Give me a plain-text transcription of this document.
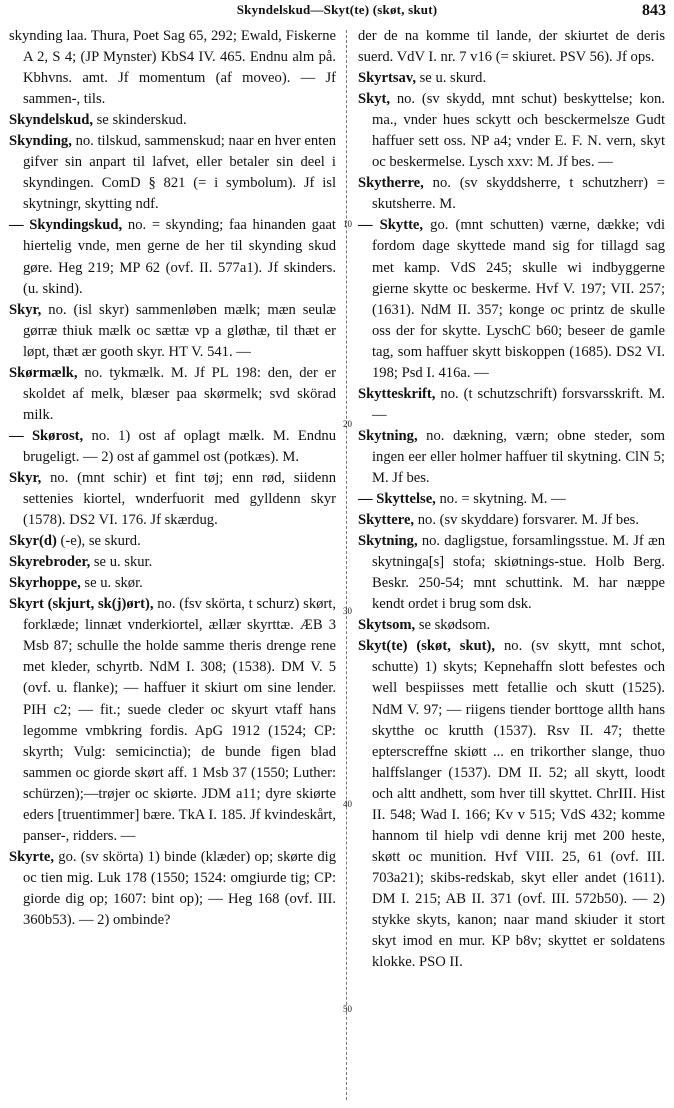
Skyndelskud—Skyt(te) (skøt, skut)	843

skynding laa. Thura, Poet Sag 65, 292; Ewald, Fiskerne A 2, S 4; (JP Mynster) KbS4 IV. 465. Endnu alm på. Kbhvns. amt. Jf momentum (af moveo). — Jf sammen-, tils.

Skyndelskud, se skinderskud.

Skynding, no. tilskud, sammenskud; naar en hver enten gifver sin anpart til lafvet, eller betaler sin deel i skyndingen. ComD § 821 (= i symbolum). Jf isl skytningr, skytting ndf.

— Skyndingskud, no. = skynding; faa hinanden gaat hiertelig vnde, men gerne de her til skynding skud gøre. Heg 219; MP 62 (ovf. II. 577a1). Jf skinders. (u. skind).

Skyr, no. (isl skyr) sammenløben mælk; mæn seulæ gørræ thiuk mælk oc sættæ vp a gløthæ, til thæt er løpt, thæt ær gooth skyr. HT V. 541. —

Skørmælk, no. tykmælk. M. Jf PL 198: den, der er skoldet af melk, blæser paa skørmelk; svd skörad milk.

— Skørost, no. 1) ost af oplagt mælk. M. Endnu brugeligt. — 2) ost af gammel ost (potkæs). M.

Skyr, no. (mnt schir) et fint tøj; enn rød, siidenn settenies kiortel, wnderfuorit med gylldenn skyr (1578). DS2 VI. 176. Jf skærdug.

Skyr(d) (-e), se skurd.

Skyrebroder, se u. skur.

Skyrhoppe, se u. skør.

Skyrt (skjurt, sk(j)ørt), no. (fsv skörta, t schurz) skørt, forklæde; linnæt vnderkiortel, ællær skyrttæ. ÆB 3 Msb 87; schulle the holde samme theris drenge rene met kleder, schyrtb. NdM I. 308; (1538). DM V. 5 (ovf. u. flanke); — haffuer it skiurt om sine lender. PIH c2; — fit.; suede cleder oc skyurt vtaff hans legomme vmbkring fordis. ApG 1912 (1524; CP: skyrth; Vulg: semicinctia); de bunde figen blad sammen oc giorde skørt aff. 1 Msb 37 (1550; Luther: schürzen);—trøjer oc skiørte. JDM a11; dyre skiørte eders [truentimmer] bære. TkA I. 185. Jf kvindeskårt, panser-, ridders. —

Skyrte, go. (sv skörta) 1) binde (klæder) op; skørte dig oc tien mig. Luk 178 (1550; 1524: omgiurde tig; CP: giorde dig op; 1607: bint op); — Heg 168 (ovf. III. 360b53). — 2) ombinde?

10
20
30
40
50

der de na komme til lande, der skiurtet de deris suerd. VdV I. nr. 7 v16 (= skiuret. PSV 56). Jf ops.

Skyrtsav, se u. skurd.

Skyt, no. (sv skydd, mnt schut) beskyttelse; kon. ma., vnder hues sckytt och besckermelsze Gudt haffuer sett oss. NP a4; vnder E. F. N. vern, skyt oc beskermelse. Lysch xxv: M. Jf bes. —

Skytherre, no. (sv skyddsherre, t schutzherr) = skutsherre. M.

— Skytte, go. (mnt schutten) værne, dække; vdi fordom dage skyttede mand sig for tillagd sag met kamp. VdS 245; skulle wi indbyggerne gierne skytte oc beskerme. Hvf V. 197; VII. 257; (1631). NdM II. 357; konge oc printz de skulle oss der for skytte. LyschC b60; beseer de gamle tag, som haffuer skytt biskoppen (1685). DS2 VI. 198; Psd I. 416a. —

Skytteskrift, no. (t schutzschrift) forsvarsskrift. M. —

Skytning, no. dækning, værn; obne steder, som ingen eer eller holmer haffuer til skytning. ClN 5; M. Jf bes.

— Skyttelse, no. = skytning. M. —

Skyttere, no. (sv skyddare) forsvarer. M. Jf bes.

Skytning, no. dagligstue, forsamlingsstue. M. Jf æn skytninga[s] stofa; skiøtnings-stue. Holb Berg. Beskr. 250-54; mnt schuttink. M. har næppe kendt ordet i brug som dsk.

Skytsom, se skødsom.

Skyt(te) (skøt, skut), no. (sv skytt, mnt schot, schutte) 1) skyts; Kepnehaffn slott befestes och well bespiisses mett fetallie och skutt (1525). NdM V. 97; — riigens tiender borttoge allth hans skytthe oc krutth (1537). Rsv II. 47; thette epterscreffne skiøtt ... en trikorther slange, thuo halffslanger (1537). DM II. 52; all skytt, loodt och altt andhett, som hver till skyttet. ChrIII. Hist II. 548; Wad I. 166; Kv v 515; VdS 432; komme hannom til hielp vdi denne krij met 200 heste, skøtt oc munition. Hvf VIII. 25, 61 (ovf. III. 703a21); skibs-redskab, skyt eller andet (1611). DM I. 215; AB II. 371 (ovf. III. 572b50). — 2) stykke skyts, kanon; naar mand skiuder it stort skyt imod en mur. KP b8v; skyttet er soldatens klokke. PSO II.
